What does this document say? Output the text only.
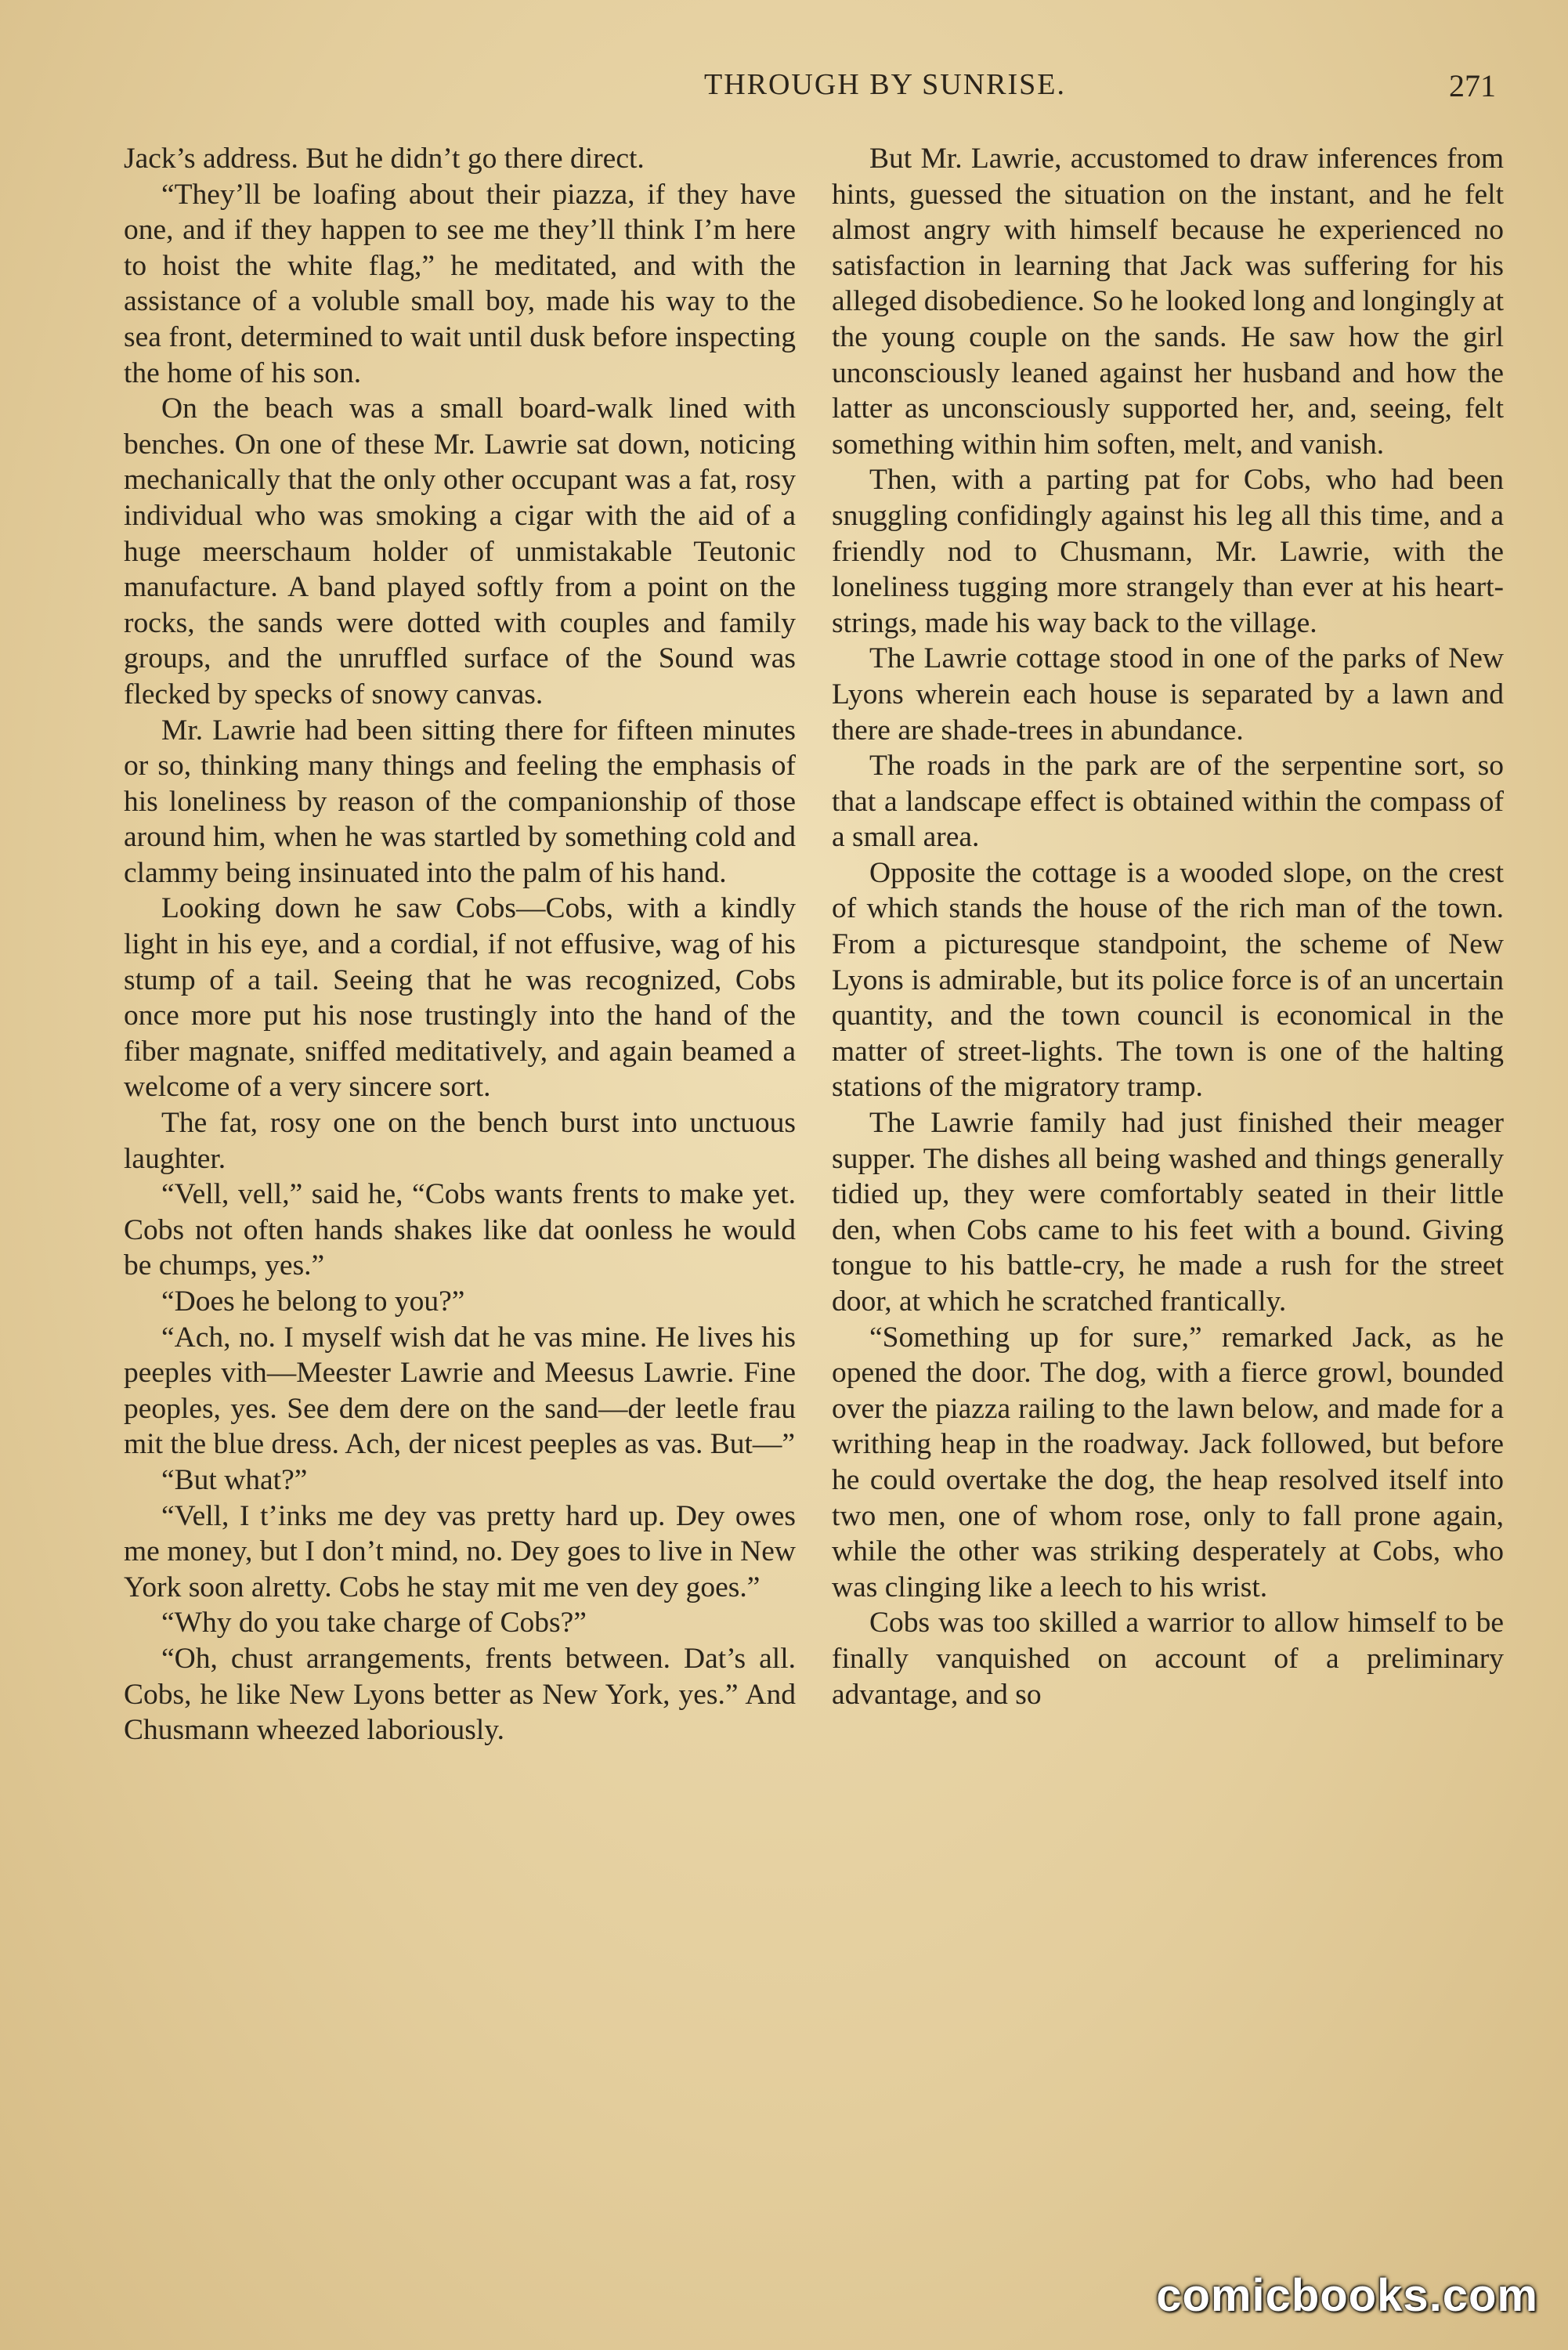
THROUGH BY SUNRISE.	271

Jack’s address. But he didn’t go there direct.

“They’ll be loafing about their piazza, if they have one, and if they happen to see me they’ll think I’m here to hoist the white flag,” he meditated, and with the assistance of a voluble small boy, made his way to the sea front, determined to wait until dusk before inspecting the home of his son.

On the beach was a small board-walk lined with benches. On one of these Mr. Lawrie sat down, noticing mechanically that the only other occupant was a fat, rosy individual who was smoking a cigar with the aid of a huge meerschaum holder of unmistakable Teutonic manufacture. A band played softly from a point on the rocks, the sands were dotted with couples and family groups, and the unruffled surface of the Sound was flecked by specks of snowy canvas.

Mr. Lawrie had been sitting there for fifteen minutes or so, thinking many things and feeling the emphasis of his loneliness by reason of the companionship of those around him, when he was startled by something cold and clammy being insinuated into the palm of his hand.

Looking down he saw Cobs—Cobs, with a kindly light in his eye, and a cordial, if not effusive, wag of his stump of a tail. Seeing that he was recognized, Cobs once more put his nose trustingly into the hand of the fiber magnate, sniffed meditatively, and again beamed a welcome of a very sincere sort.

The fat, rosy one on the bench burst into unctuous laughter.

“Vell, vell,” said he, “Cobs wants frents to make yet. Cobs not often hands shakes like dat oonless he would be chumps, yes.”

“Does he belong to you?”

“Ach, no. I myself wish dat he vas mine. He lives his peeples vith—Meester Lawrie and Meesus Lawrie. Fine peoples, yes. See dem dere on the sand—der leetle frau mit the blue dress. Ach, der nicest peeples as vas. But—”

“But what?”

“Vell, I t’inks me dey vas pretty hard up. Dey owes me money, but I don’t mind, no. Dey goes to live in New York soon alretty. Cobs he stay mit me ven dey goes.”

“Why do you take charge of Cobs?”

“Oh, chust arrangements, frents between. Dat’s all. Cobs, he like New Lyons better as New York, yes.” And Chusmann wheezed laboriously.

But Mr. Lawrie, accustomed to draw inferences from hints, guessed the situation on the instant, and he felt almost angry with himself because he experienced no satisfaction in learning that Jack was suffering for his alleged disobedience. So he looked long and longingly at the young couple on the sands. He saw how the girl unconsciously leaned against her husband and how the latter as unconsciously supported her, and, seeing, felt something within him soften, melt, and vanish.

Then, with a parting pat for Cobs, who had been snuggling confidingly against his leg all this time, and a friendly nod to Chusmann, Mr. Lawrie, with the loneliness tugging more strangely than ever at his heart-strings, made his way back to the village.

The Lawrie cottage stood in one of the parks of New Lyons wherein each house is separated by a lawn and there are shade-trees in abundance.

The roads in the park are of the serpentine sort, so that a landscape effect is obtained within the compass of a small area.

Opposite the cottage is a wooded slope, on the crest of which stands the house of the rich man of the town. From a picturesque standpoint, the scheme of New Lyons is admirable, but its police force is of an uncertain quantity, and the town council is economical in the matter of street-lights. The town is one of the halting stations of the migratory tramp.

The Lawrie family had just finished their meager supper. The dishes all being washed and things generally tidied up, they were comfortably seated in their little den, when Cobs came to his feet with a bound. Giving tongue to his battle-cry, he made a rush for the street door, at which he scratched frantically.

“Something up for sure,” remarked Jack, as he opened the door. The dog, with a fierce growl, bounded over the piazza railing to the lawn below, and made for a writhing heap in the roadway. Jack followed, but before he could overtake the dog, the heap resolved itself into two men, one of whom rose, only to fall prone again, while the other was striking desperately at Cobs, who was clinging like a leech to his wrist.

Cobs was too skilled a warrior to allow himself to be finally vanquished on account of a preliminary advantage, and so

comicbooks.com
